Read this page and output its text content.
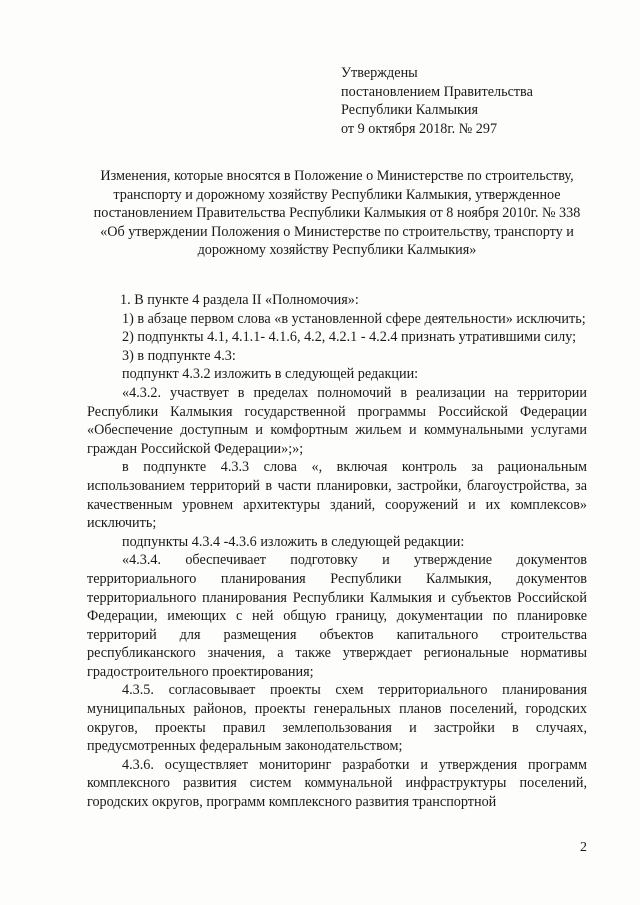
Утверждены
постановлением Правительства
Республики Калмыкия
от 9 октября 2018г. № 297
Изменения, которые вносятся в Положение о Министерстве по строительству, транспорту и дорожному хозяйству Республики Калмыкия, утвержденное постановлением Правительства Республики Калмыкия от 8 ноября 2010г. № 338 «Об утверждении Положения о Министерстве по строительству, транспорту и дорожному хозяйству Республики Калмыкия»

1. В пункте 4 раздела II «Полномочия»:

1) в абзаце первом слова «в установленной сфере деятельности» исключить;

2) подпункты 4.1, 4.1.1- 4.1.6, 4.2, 4.2.1 - 4.2.4 признать утратившими силу;

3) в подпункте 4.3:

подпункт 4.3.2 изложить в следующей редакции:

«4.3.2. участвует в пределах полномочий в реализации на территории Республики Калмыкия государственной программы Российской Федерации «Обеспечение доступным и комфортным жильем и коммунальными услугами граждан Российской Федерации»;»;

в подпункте 4.3.3 слова «, включая контроль за рациональным использованием территорий в части планировки, застройки, благоустройства, за качественным уровнем архитектуры зданий, сооружений и их комплексов» исключить;

подпункты 4.3.4 -4.3.6 изложить в следующей редакции:

«4.3.4. обеспечивает подготовку и утверждение документов территориального планирования Республики Калмыкия, документов территориального планирования Республики Калмыкия и субъектов Российской Федерации, имеющих с ней общую границу, документации по планировке территорий для размещения объектов капитального строительства республиканского значения, а также утверждает региональные нормативы градостроительного проектирования;

4.3.5. согласовывает проекты схем территориального планирования муниципальных районов, проекты генеральных планов поселений, городских округов, проекты правил землепользования и застройки в случаях, предусмотренных федеральным законодательством;

4.3.6. осуществляет мониторинг разработки и утверждения программ комплексного развития систем коммунальной инфраструктуры поселений, городских округов, программ комплексного развития транспортной

2
